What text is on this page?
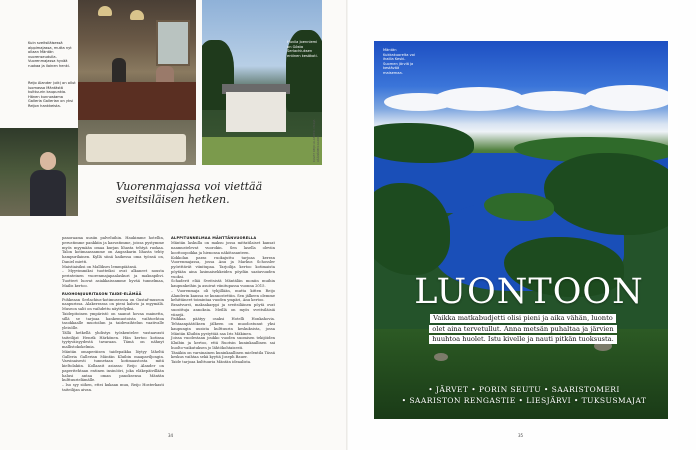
Huvila Joenniemi on Gösta Serlachiuksen entinen kesäkoti.
Kuin sveitsiläisessä alppimajassa, mutta nyt ollaan Mäntän vuorenseudulla. Vuorenmajassa hyvää ruokaa ja iloinen henki.
Reijo Alander (oik) on ollut luomassa Mäntästä kulttuurin kaupunkia. Hänen kunnostama Galleria Gallerian on yksi Reijon hankkeista.
KUVAT REIJO ALANDER, MARJA VÄÄNÄNEN-GADDI
Vuorenmajassa voi viettää sveitsiläisen hetken.

panoraama uusiin palveluihin. Haukimme hotellin, perustimme pankkiin ja kasvatimme, joissa pystymme myös myymään omaa kurjan lihasta tehtyä ruokaa. Talon kotimaassamme on Angaskarin lihasta tehty hampurilainen. Kyllä siinä kaikessa oma työnsä on, Daniel mietti.

Maistiaisiksi on Mallikses lemmpiäänsä.

– Myyvimmiksi tuotteiksi ovat alkaneet nousta perinteinen vuorenmajapaalaskuri ja maksapihvi. Tuotteet luovat asiakkaissamme hyvää tunnelmaa, Mailis kertoo.

RUOHONJUURITASON TAIDE-ELÄMÄÄ

Pohkeaan Serlachius-kotimuseossa on Gustaf-museon naapurissa. Alakerrassa on pieni kahvio ja myymälä. Museon salit on vaihdettu näyttelyiksi.

Taidepitoinen ympäristö on saanut hovaa mainetta, sillä se tarjoaa hankemuotoista vaihtoehtoa tasokkaalle muotoilun ja taidevaihtelun vaativalle yleisölle.

Tällä hetkellä yhdistys työskentelee vastaavasti taiteilijat Henrik Härkönen. Hän kertoo kotinsa tyytyväisyydestä tavaraan. Tämä on nähnyt mallistokokelmia.

Mäntän omaperäisen taidepaikka löytyy läheltä Galleria Gallerian Mäntän Kluibin maapaviljongin. Varsinaisesti tunnetaan kotimaastosta mitä kieltolakiin. Kollaasit asiassa: Reijo Alander on paperitehtaan entinen insinööri, joka eläkepäivillään halusi antaa oman panoksensa Mäntän kulttuurielämälle.

– Iso syy siihen, ettei kukaan muu, Reijo Hosterkasti taiteilijan aivan.

ALPPITUNNELMAA MÄNTTÄNVUORELLA

Mäntän laskulla on maksu jossa mittatilaiset kansat naamustelevat vuorokin. Sen lasella oleviin koottoopoikka ja hienonsa näkötasanteen.

Kokkolan paras ruokajuttu tarjoaa kerran Vuorenmajassa, jossa Anu ja Markus Schossler pyörittävät viinitupaa. Tarjoilija kertoo kotimaista pöytään aina lasimaisekkeiden pöydän saatavuuden vuoksi.

Schaderit elää Sveitsistä Mäntälän moniin muihin kaupunkeihin ja asuivat viinitupassa vuonna 2015.

– Vuorenmaja oli tyhjillään, mutta kitten Reijo Alanderin kanssa se kunnostettiin. Sen jälkeen olemme kehittäneet toimintaa vuoden ympäri, Anu kertoo.

Braatvurst, maksakarppi ja sveitsiläinen pöytä ovat suosittuja annoksia. Meillä on myös sveitsiläisiä viinejä.

Paikkaa päätyy osaksi Hotelli Honkahovia. Tehtaanpäätöksen jälkeen on muodostunut yksi kaupungin uusista kulttuurin keskuksista, jossa Mäntän Kluibin pystyttää saa Iris Mäkinen.

Joissa vuodestaan joukko vuoden suomisen tekijöiden Kluibin ja kertoo, että Ruotsin kuninkaallinen sai huolto-vaikutuksen jo lähtökohtaisesti.

Tänäkin on varsinainen kuninkaallinen mielentila Tässä keskus vaihtaa sekä kyytiä Joseph Bauer.

Taide tarjoaa kulttuuria Mäntän ideaalista.

34	35
Mäntän Kukkakuorelta voi ihailla Keski-Suomen järviä ja kestävää maisemaa.
LUONTOON
Vaikka matkabudjetti olisi pieni ja aika vähän, luonto
olet aina tervetullut. Anna metsän puhaltaa ja järvien
huuhtoa huolet. Istu kivelle ja nauti pitkän tuoksusta.
• JÄRVET • PORIN SEUTU • SAARISTOMERI
• SAARISTON RENGASTIE • LIESJÄRVI • TUKSUSMAJAT
